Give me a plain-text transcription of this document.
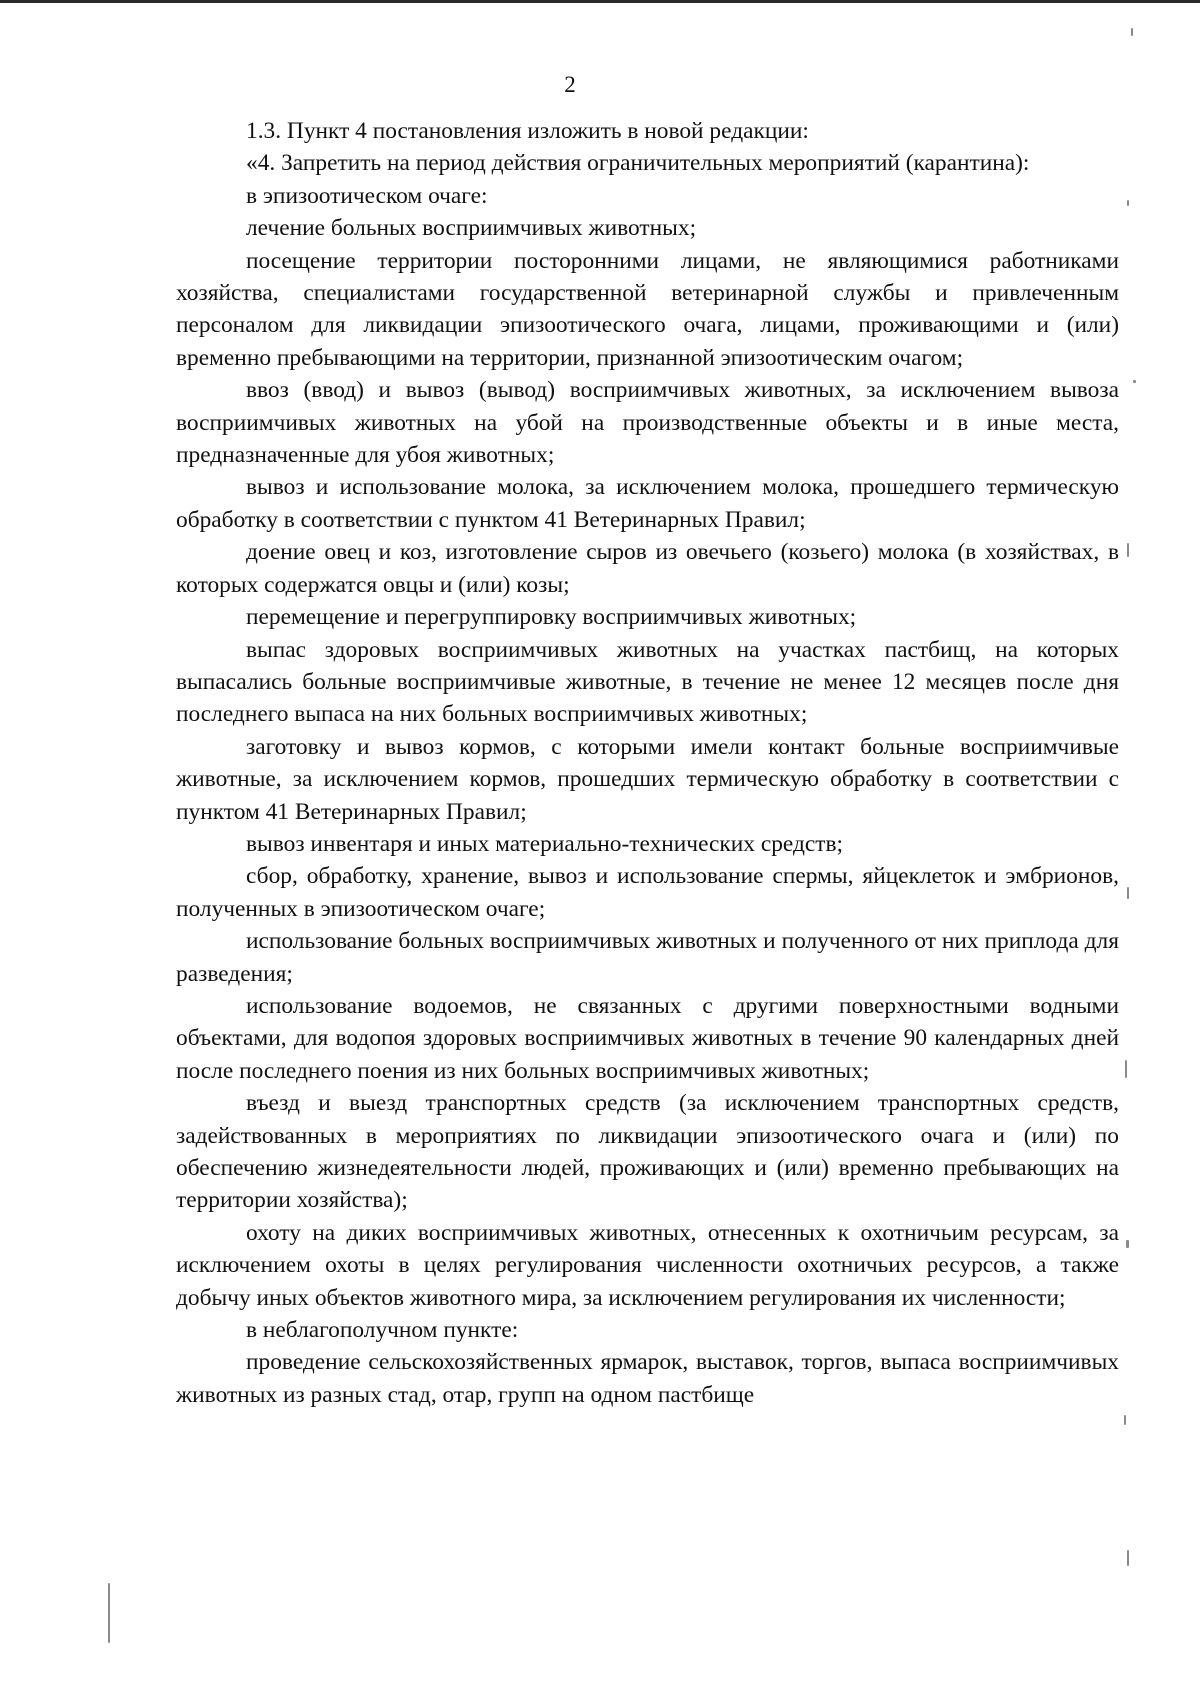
2

1.3. Пункт 4 постановления изложить в новой редакции:

«4. Запретить на период действия ограничительных мероприятий (карантина):

в эпизоотическом очаге:

лечение больных восприимчивых животных;

посещение территории посторонними лицами, не являющимися работниками хозяйства, специалистами государственной ветеринарной службы и привлеченным персоналом для ликвидации эпизоотического очага, лицами, проживающими и (или) временно пребывающими на территории, признанной эпизоотическим очагом;

ввоз (ввод) и вывоз (вывод) восприимчивых животных, за исключением вывоза восприимчивых животных на убой на производственные объекты и в иные места, предназначенные для убоя животных;

вывоз и использование молока, за исключением молока, прошедшего термическую обработку в соответствии с пунктом 41 Ветеринарных Правил;

доение овец и коз, изготовление сыров из овечьего (козьего) молока (в хозяйствах, в которых содержатся овцы и (или) козы;

перемещение и перегруппировку восприимчивых животных;

выпас здоровых восприимчивых животных на участках пастбищ, на которых выпасались больные восприимчивые животные, в течение не менее 12 месяцев после дня последнего выпаса на них больных восприимчивых животных;

заготовку и вывоз кормов, с которыми имели контакт больные восприимчивые животные, за исключением кормов, прошедших термическую обработку в соответствии с пунктом 41 Ветеринарных Правил;

вывоз инвентаря и иных материально-технических средств;

сбор, обработку, хранение, вывоз и использование спермы, яйцеклеток и эмбрионов, полученных в эпизоотическом очаге;

использование больных восприимчивых животных и полученного от них приплода для разведения;

использование водоемов, не связанных с другими поверхностными водными объектами, для водопоя здоровых восприимчивых животных в течение 90 календарных дней после последнего поения из них больных восприимчивых животных;

въезд и выезд транспортных средств (за исключением транспортных средств, задействованных в мероприятиях по ликвидации эпизоотического очага и (или) по обеспечению жизнедеятельности людей, проживающих и (или) временно пребывающих на территории хозяйства);

охоту на диких восприимчивых животных, отнесенных к охотничьим ресурсам, за исключением охоты в целях регулирования численности охотничьих ресурсов, а также добычу иных объектов животного мира, за исключением регулирования их численности;

в неблагополучном пункте:

проведение сельскохозяйственных ярмарок, выставок, торгов, выпаса восприимчивых животных из разных стад, отар, групп на одном пастбище
